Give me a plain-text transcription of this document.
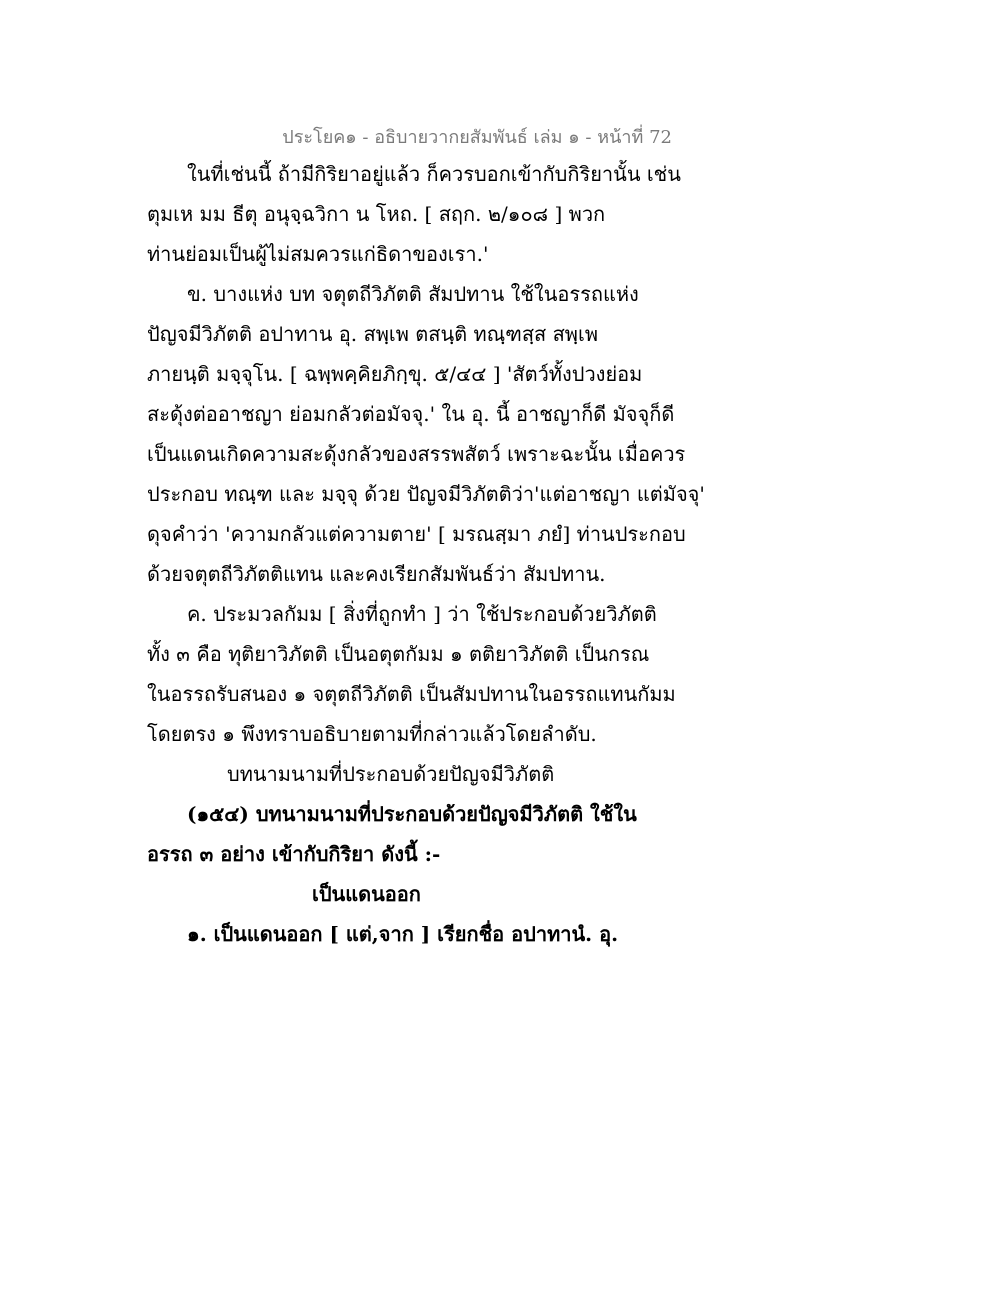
ประโยค๑ - อธิบายวากยสัมพันธ์ เล่ม ๑ - หน้าที่ 72
ในที่เช่นนี้ ถ้ามีกิริยาอยู่แล้ว ก็ควรบอกเข้ากับกิริยานั้น เช่น
ตุมเห มม ธีตุ อนุจฺฉวิกา น โหถ. [ สฤก. ๒/๑๐๘ ] พวก
ท่านย่อมเป็นผู้ไม่สมควรแก่ธิดาของเรา.'
ข. บางแห่ง บท จตุตถีวิภัตติ สัมปทาน ใช้ในอรรถแห่ง
ปัญจมีวิภัตติ อปาทาน อุ. สพฺเพ ตสนฺติ ทณฺฑสฺส สพฺเพ
ภายนฺติ มจฺจุโน. [ ฉพฺพคฺคิยภิกฺขุ. ๕/๔๔ ] 'สัตว์ทั้งปวงย่อม
สะดุ้งต่ออาชญา ย่อมกลัวต่อมัจจุ.' ใน อุ. นี้ อาชญาก็ดี มัจจุก็ดี
เป็นแดนเกิดความสะดุ้งกลัวของสรรพสัตว์ เพราะฉะนั้น เมื่อควร
ประกอบ ทณฺฑ และ มจฺจุ ด้วย ปัญจมีวิภัตติว่า'แต่อาชญา แต่มัจจุ'
ดุจคำว่า 'ความกลัวแต่ความตาย' [ มรณสฺมา ภยํ] ท่านประกอบ
ด้วยจตุตถีวิภัตติแทน และคงเรียกสัมพันธ์ว่า สัมปทาน.
ค. ประมวลกัมม [ สิ่งที่ถูกทำ ] ว่า ใช้ประกอบด้วยวิภัตติ
ทั้ง ๓ คือ ทุติยาวิภัตติ เป็นอตุตกัมม ๑ ตติยาวิภัตติ เป็นกรณ
ในอรรถรับสนอง ๑ จตุตถีวิภัตติ เป็นสัมปทานในอรรถแทนกัมม
โดยตรง ๑ พึงทราบอธิบายตามที่กล่าวแล้วโดยลำดับ.
บทนามนามที่ประกอบด้วยปัญจมีวิภัตติ
(๑๕๔) บทนามนามที่ประกอบด้วยปัญจมีวิภัตติ ใช้ใน
อรรถ ๓ อย่าง เข้ากับกิริยา ดังนี้ :-
เป็นแดนออก
๑. เป็นแดนออก [ แต่,จาก ] เรียกชื่อ อปาทานํ. อุ.
